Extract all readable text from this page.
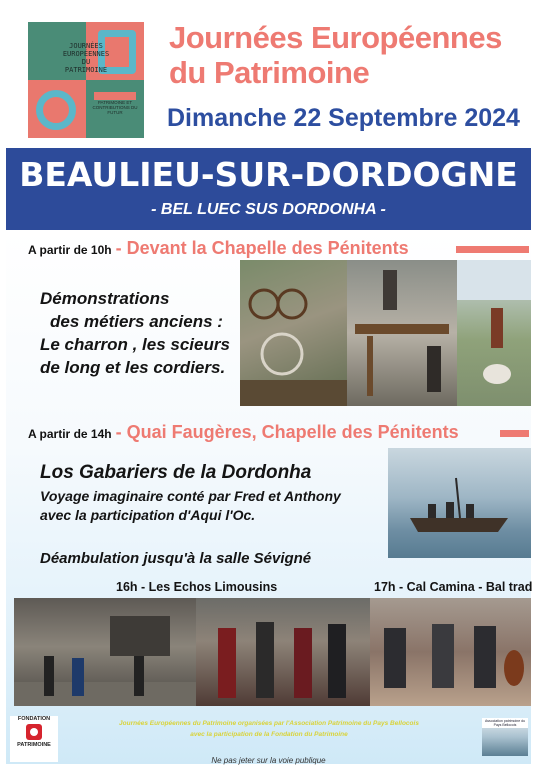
JOURNÉES
EUROPÉENNES
DU
PATRIMOINE
PATRIMOINE ET CONTRIBUTIONS DU FUTUR
Journées Européennes
du Patrimoine
Dimanche 22 Septembre 2024
BEAULIEU-SUR-DORDOGNE
- BEL LUEC SUS DORDONHA -
A partir de 10h - Devant la Chapelle des Pénitents
Démonstrations
des métiers anciens :
Le charron , les scieurs
de long et les cordiers.
A partir de 14h - Quai Faugères, Chapelle des Pénitents
Los Gabariers de la Dordonha
Voyage imaginaire conté par Fred et Anthony
avec la participation d'Aqui l'Oc.
Déambulation jusqu'à la salle Sévigné
16h - Les Echos Limousins	17h - Cal Camina - Bal trad
FONDATION
PATRIMOINE
Journées Européennes du Patrimoine organisées par l'Association Patrimoine du Pays Bellocois
avec la participation de la Fondation du Patrimoine
Association patrimoine du Pays Bellocois
Ne pas jeter sur la voie publique
